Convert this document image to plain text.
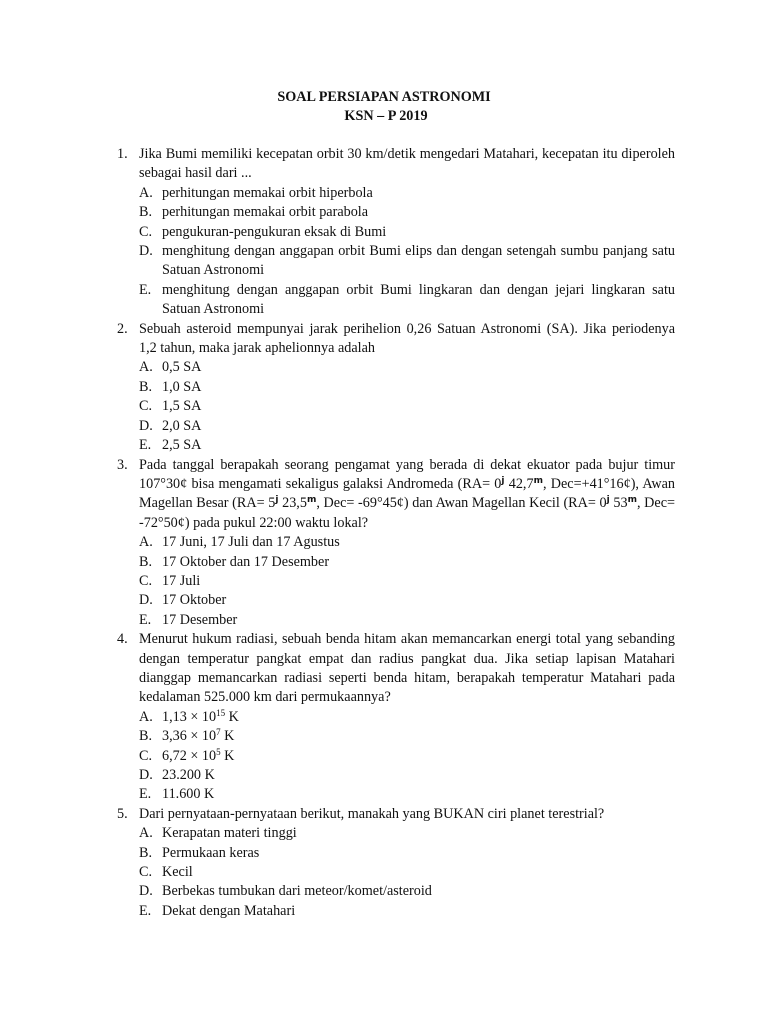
SOAL PERSIAPAN ASTRONOMI
KSN – P 2019
1. Jika Bumi memiliki kecepatan orbit 30 km/detik mengedari Matahari, kecepatan itu diperoleh sebagai hasil dari ...
A. perhitungan memakai orbit hiperbola
B. perhitungan memakai orbit parabola
C. pengukuran-pengukuran eksak di Bumi
D. menghitung dengan anggapan orbit Bumi elips dan dengan setengah sumbu panjang satu Satuan Astronomi
E. menghitung dengan anggapan orbit Bumi lingkaran dan dengan jejari lingkaran satu Satuan Astronomi
2. Sebuah asteroid mempunyai jarak perihelion 0,26 Satuan Astronomi (SA). Jika periodenya 1,2 tahun, maka jarak aphelionnya adalah
A. 0,5 SA
B. 1,0 SA
C. 1,5 SA
D. 2,0 SA
E. 2,5 SA
3. Pada tanggal berapakah seorang pengamat yang berada di dekat ekuator pada bujur timur 107°30¢ bisa mengamati sekaligus galaksi Andromeda ($RA= 0^j$ 42,7$^m$, Dec=+41°16¢), Awan Magellan Besar ($RA= 5^j$ 23,5$^m$, Dec= -69°45¢) dan Awan Magellan Kecil ($RA= 0^j$ 53$^m$, Dec= -72°50¢) pada pukul 22:00 waktu lokal?
A. 17 Juni, 17 Juli dan 17 Agustus
B. 17 Oktober dan 17 Desember
C. 17 Juli
D. 17 Oktober
E. 17 Desember
4. Menurut hukum radiasi, sebuah benda hitam akan memancarkan energi total yang sebanding dengan temperatur pangkat empat dan radius pangkat dua. Jika setiap lapisan Matahari dianggap memancarkan radiasi seperti benda hitam, berapakah temperatur Matahari pada kedalaman 525.000 km dari permukaannya?
A. $1,13 \times 10^{15}$ K
B. $3,36 \times 10^7$ K
C. $6,72 \times 10^5$ K
D. 23.200 K
E. 11.600 K
5. Dari pernyataan-pernyataan berikut, manakah yang BUKAN ciri planet terestrial?
A. Kerapatan materi tinggi
B. Permukaan keras
C. Kecil
D. Berbekas tumbukan dari meteor/komet/asteroid
E. Dekat dengan Matahari
